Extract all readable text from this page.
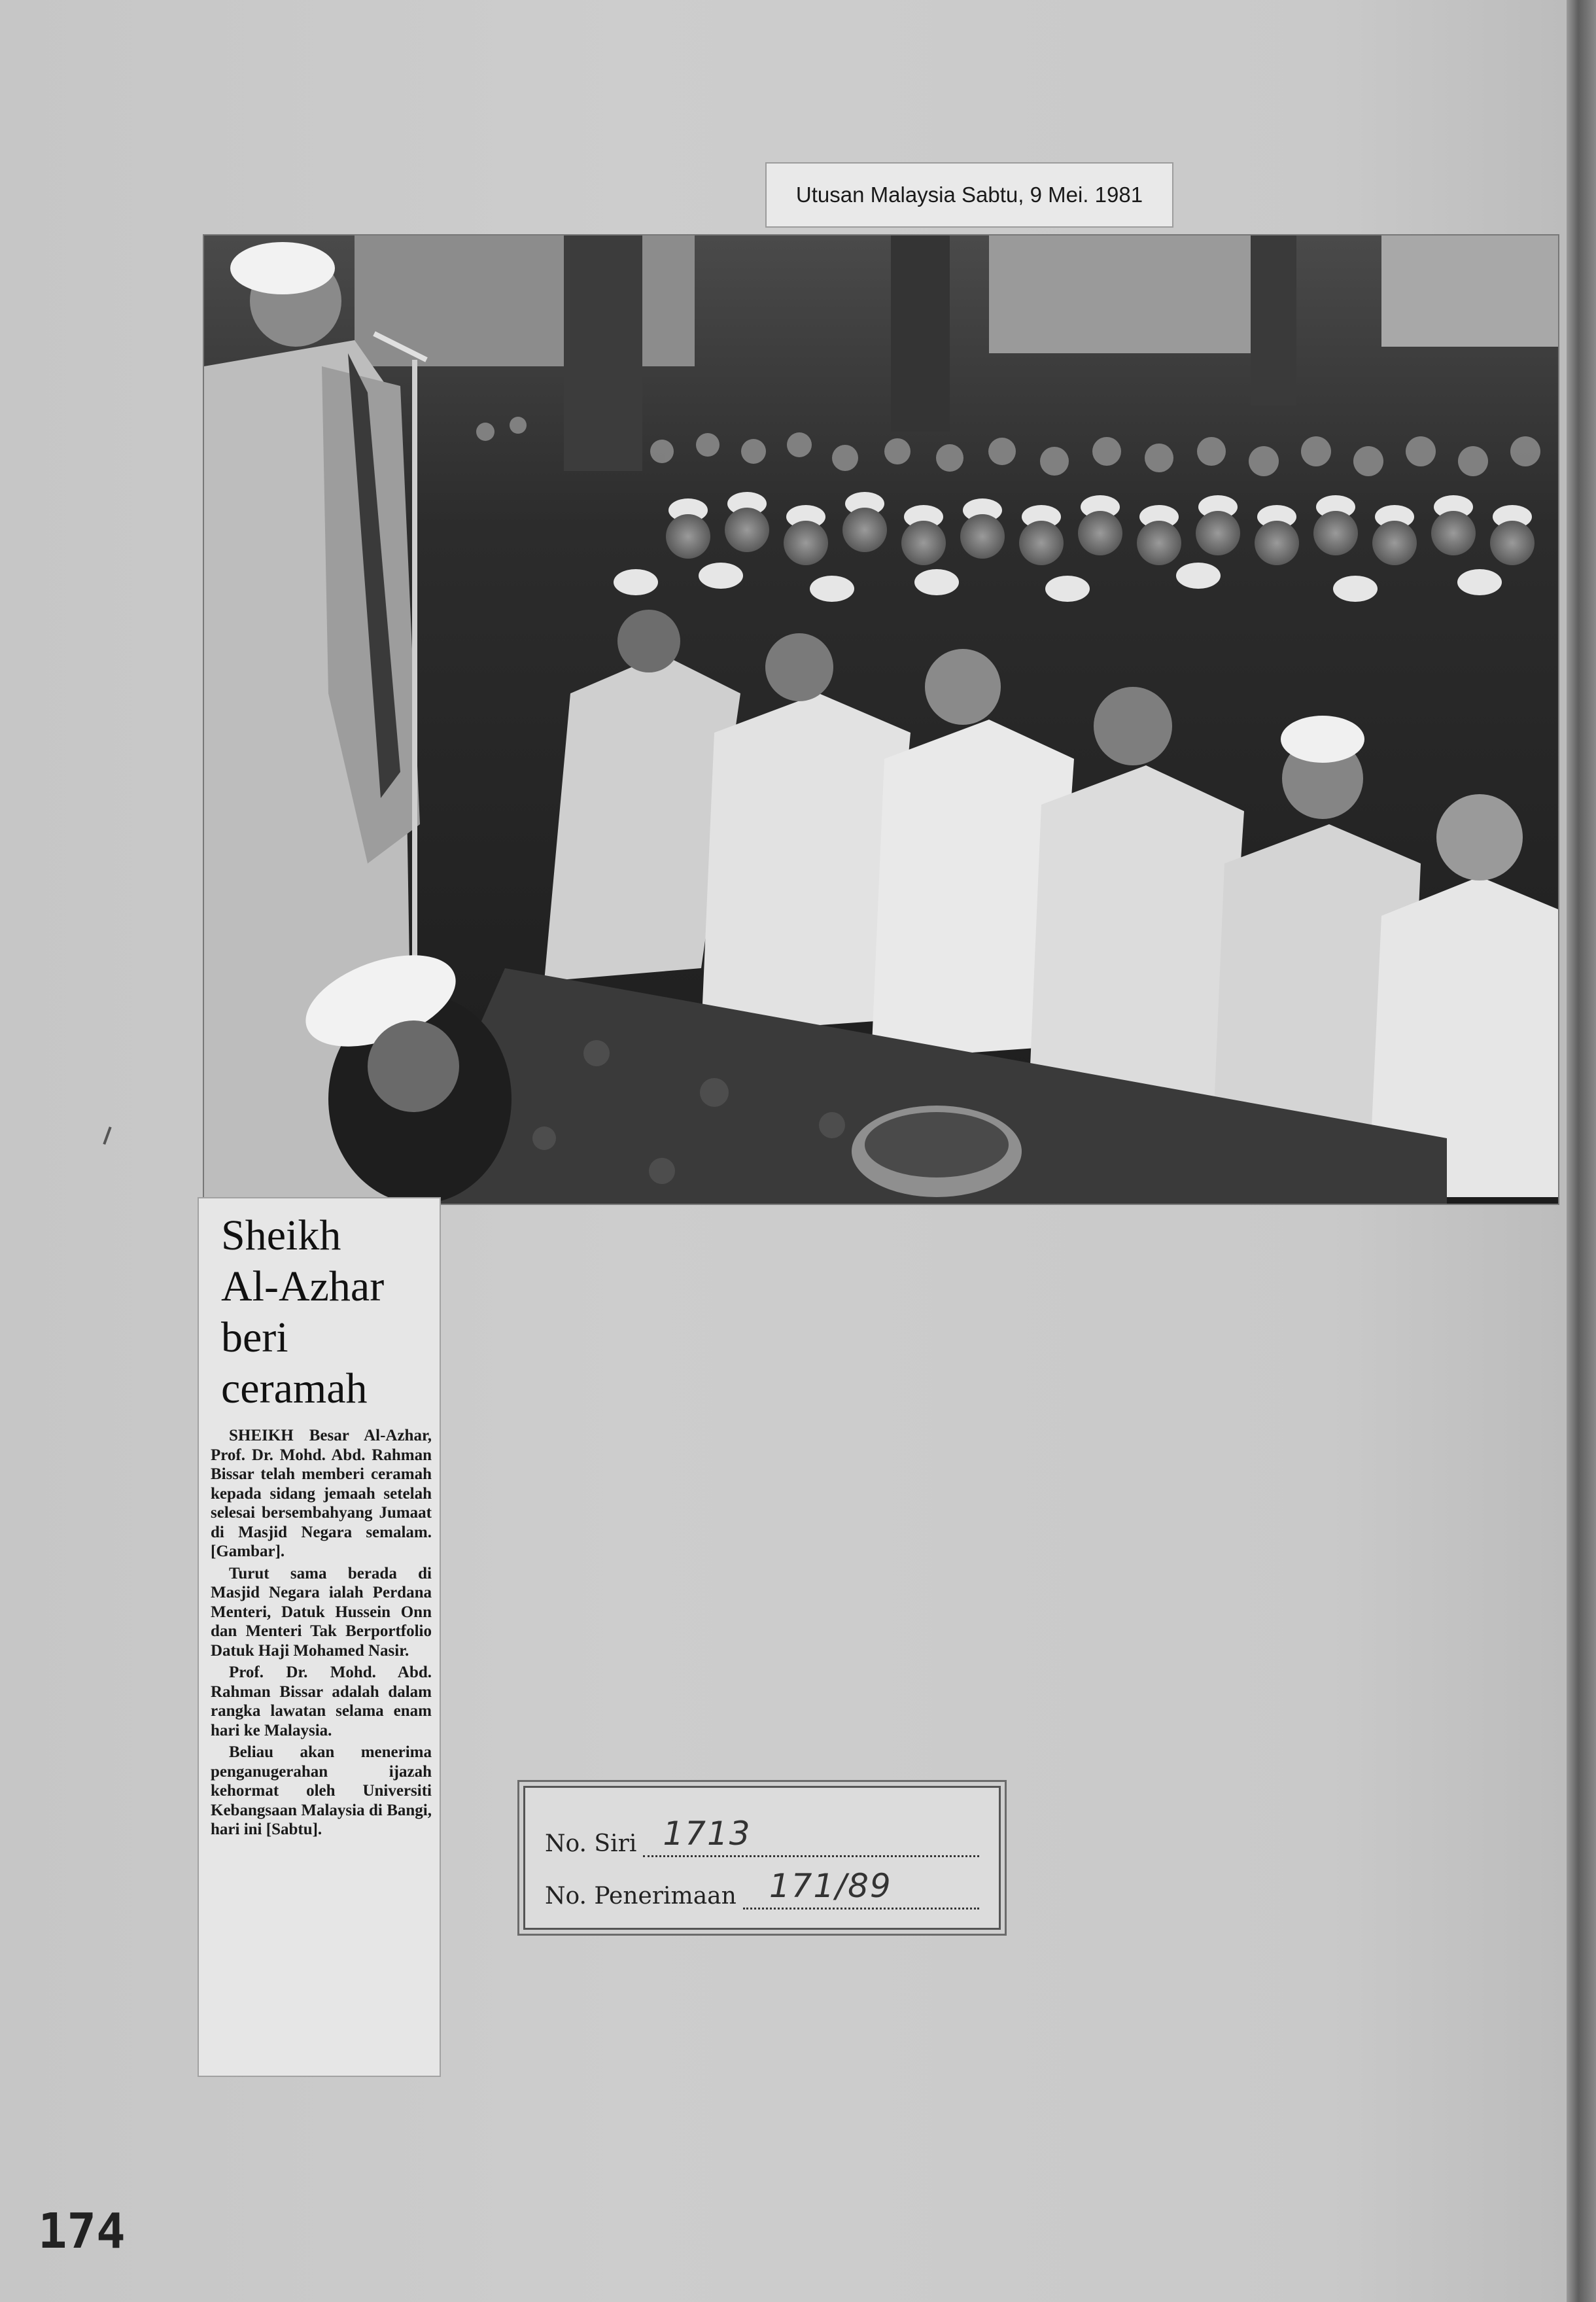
Utusan Malaysia Sabtu, 9 Mei. 1981
Sheikh
Al-Azhar
beri
ceramah

SHEIKH Besar Al-Azhar, Prof. Dr. Mohd. Abd. Rahman Bissar telah memberi ceramah kepada sidang jemaah setelah selesai bersembahyang Jumaat di Masjid Negara semalam. [Gambar].

Turut sama berada di Masjid Negara ialah Perdana Menteri, Datuk Hussein Onn dan Menteri Tak Berportfolio Datuk Haji Mohamed Nasir.

Prof. Dr. Mohd. Abd. Rahman Bissar adalah dalam rangka lawatan selama enam hari ke Malaysia.

Beliau akan menerima penganugerahan ijazah kehormat oleh Universiti Kebangsaan Malaysia di Bangi, hari ini [Sabtu].

No. Siri 1713
No. Penerimaan 171/89
174
